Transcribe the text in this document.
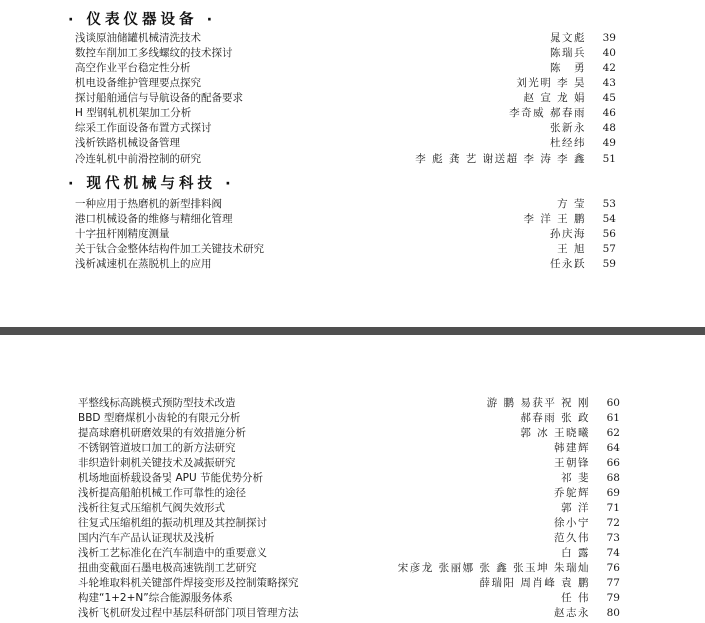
· 仪表仪器设备 ·
浅谈原油储罐机械清洗技术	晁文彪	39
数控车削加工多线螺纹的技术探讨	陈瑞兵	40
高空作业平台稳定性分析	陈　勇	42
机电设备维护管理要点探究	刘光明 李 昊	43
探讨船舶通信与导航设备的配备要求	赵 宣 龙 娟	45
H 型钢轧机机架加工分析	李奇威 郝春雨	46
综采工作面设备布置方式探讨	张新永	48
浅析铁路机械设备管理	杜经纬	49
冷连轧机中前滑控制的研究	李 彪 龚 艺 谢送超 李 涛 李 鑫	51
· 现代机械与科技 ·
一种应用于热磨机的新型排料阀	方 莹	53
港口机械设备的维修与精细化管理	李 洋 王 鹏	54
十字扭杆刚精度测量	孙庆海	56
关于钛合金整体结构件加工关键技术研究	王 旭	57
浅析减速机在蒸脱机上的应用	任永跃	59
平整线标高跳模式预防型技术改造	游 鹏 易获平 祝 刚	60
BBD 型磨煤机小齿轮的有限元分析	郝春雨 张 政	61
提高球磨机研磨效果的有效措施分析	郭 冰 王晓曦	62
不锈钢管道坡口加工的新方法研究	韩建辉	64
非织造针刺机关键技术及减振研究	王朝锋	66
机场地面桥载设备및 APU 节能优势分析	祁 斐	68
浅析提高船舶机械工作可靠性的途径	乔鸵辉	69
浅析往复式压缩机气阀失效形式	郭 洋	71
往复式压缩机组的振动机理及其控制探讨	徐小宁	72
国内汽车产品认证现状及浅析	范久伟	73
浅析工艺标准化在汽车制造中的重要意义	白 露	74
扭曲变截面石墨电极高速铣削工艺研究	宋彦龙 张丽娜 张 鑫 张玉坤 朱瑞灿	76
斗轮堆取料机关键部件焊接变形及控制策略探究	薛瑞阳 周肖峰 袁 鹏	77
构建“1+2+N”综合能源服务体系	任 伟	79
浅析飞机研发过程中基层科研部门项目管理方法	赵志永	80
